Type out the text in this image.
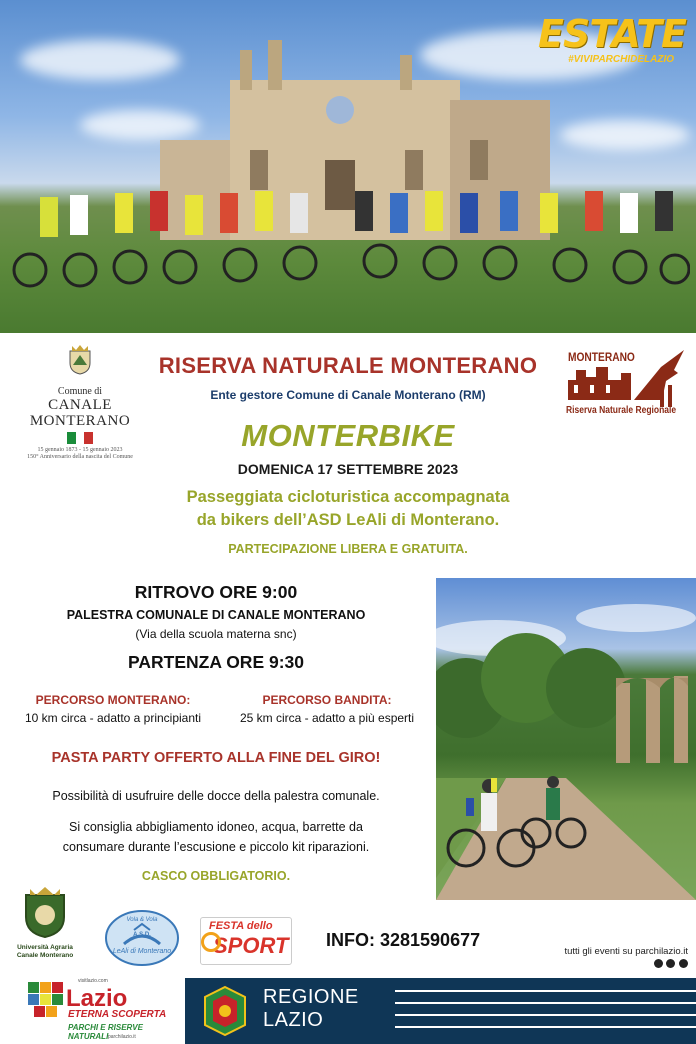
ESTATE
#VIVIPARCHIDELAZIO
Comune di
CANALE
MONTERANO
15 gennaio 1873 - 15 gennaio 2023
150° Anniversario della nascita del Comune
MONTERANO
Riserva Naturale Regionale
RISERVA NATURALE MONTERANO
Ente gestore Comune di Canale Monterano (RM)
MONTERBIKE
DOMENICA 17 SETTEMBRE 2023
Passeggiata cicloturistica accompagnata
da bikers dell’ASD LeAli di Monterano.
PARTECIPAZIONE LIBERA E GRATUITA.
RITROVO ORE 9:00
PALESTRA COMUNALE DI CANALE MONTERANO
(Via della scuola materna snc)
PARTENZA ORE 9:30
PERCORSO MONTERANO:
10 km circa - adatto a principianti
PERCORSO BANDITA:
25 km circa - adatto a più esperti
PASTA PARTY OFFERTO ALLA FINE DEL GIRO!
Possibilità di usufruire delle docce della palestra comunale.
Si consiglia abbigliamento idoneo, acqua, barrette da
consumare durante l’escusione e piccolo kit riparazioni.
CASCO OBBLIGATORIO.
Università Agraria
Canale Monterano
Vola & Vola
A.S.D.
LeAli di Monterano
FESTA dello
SPORT INFO: 3281590677
tutti gli eventi su parchilazio.it

visitlazio.com
Lazio
ETERNA SCOPERTA
PARCHI E RISERVE NATURALI parchilazio.it
REGIONE
LAZIO
